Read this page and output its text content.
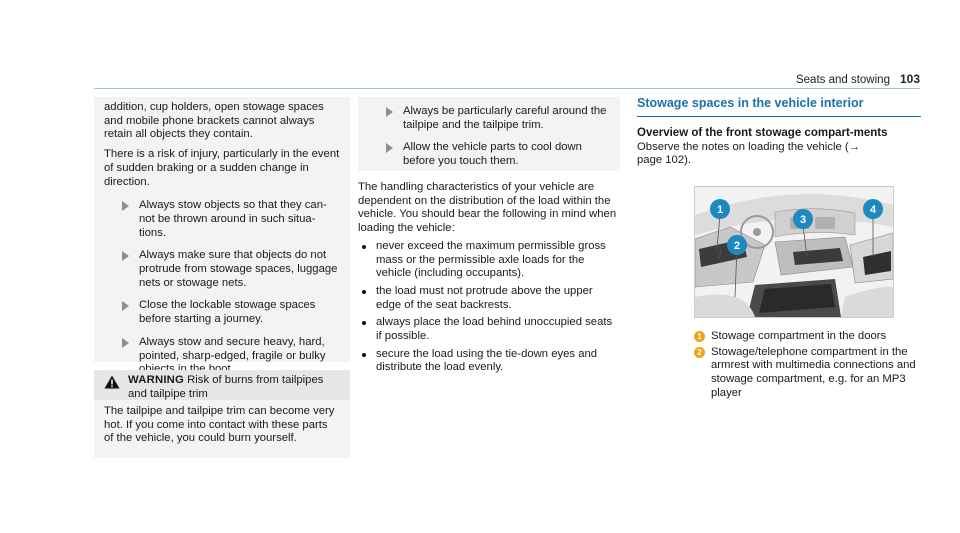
Seats and stowing 103

addition, cup holders, open stowage spaces and mobile phone brackets cannot always retain all objects they contain.

There is a risk of injury, particularly in the event of sudden braking or a sudden change in direction.

Always stow objects so that they can-not be thrown around in such situa-tions.

Always make sure that objects do not protrude from stowage spaces, luggage nets or stowage nets.

Close the lockable stowage spaces before starting a journey.

Always stow and secure heavy, hard, pointed, sharp-edged, fragile or bulky

WARNING Risk of burns from tailpipes and tailpipe trim

The tailpipe and tailpipe trim can become very hot. If you come into contact with these parts of the vehicle, you could burn yourself.

Always be particularly careful around the tailpipe and the tailpipe trim.

Allow the vehicle parts to cool down before you touch them.

The handling characteristics of your vehicle are dependent on the distribution of the load within the vehicle. You should bear the following in mind when loading the vehicle:

never exceed the maximum permissible gross mass or the permissible axle loads for the vehicle (including occupants).

the load must not protrude above the upper edge of the seat backrests.

always place the load behind unoccupied seats if possible.

secure the load using the tie-down eyes and distribute the load evenly.

Stowage spaces in the vehicle interior

Overview of the front stowage compart-ments

Observe the notes on loading the vehicle (→ page 102).

1
2
3
4
1 Stowage compartment in the doors

2 Stowage/telephone compartment in the armrest with multimedia connections and stowage compartment, e.g. for an MP3 player
